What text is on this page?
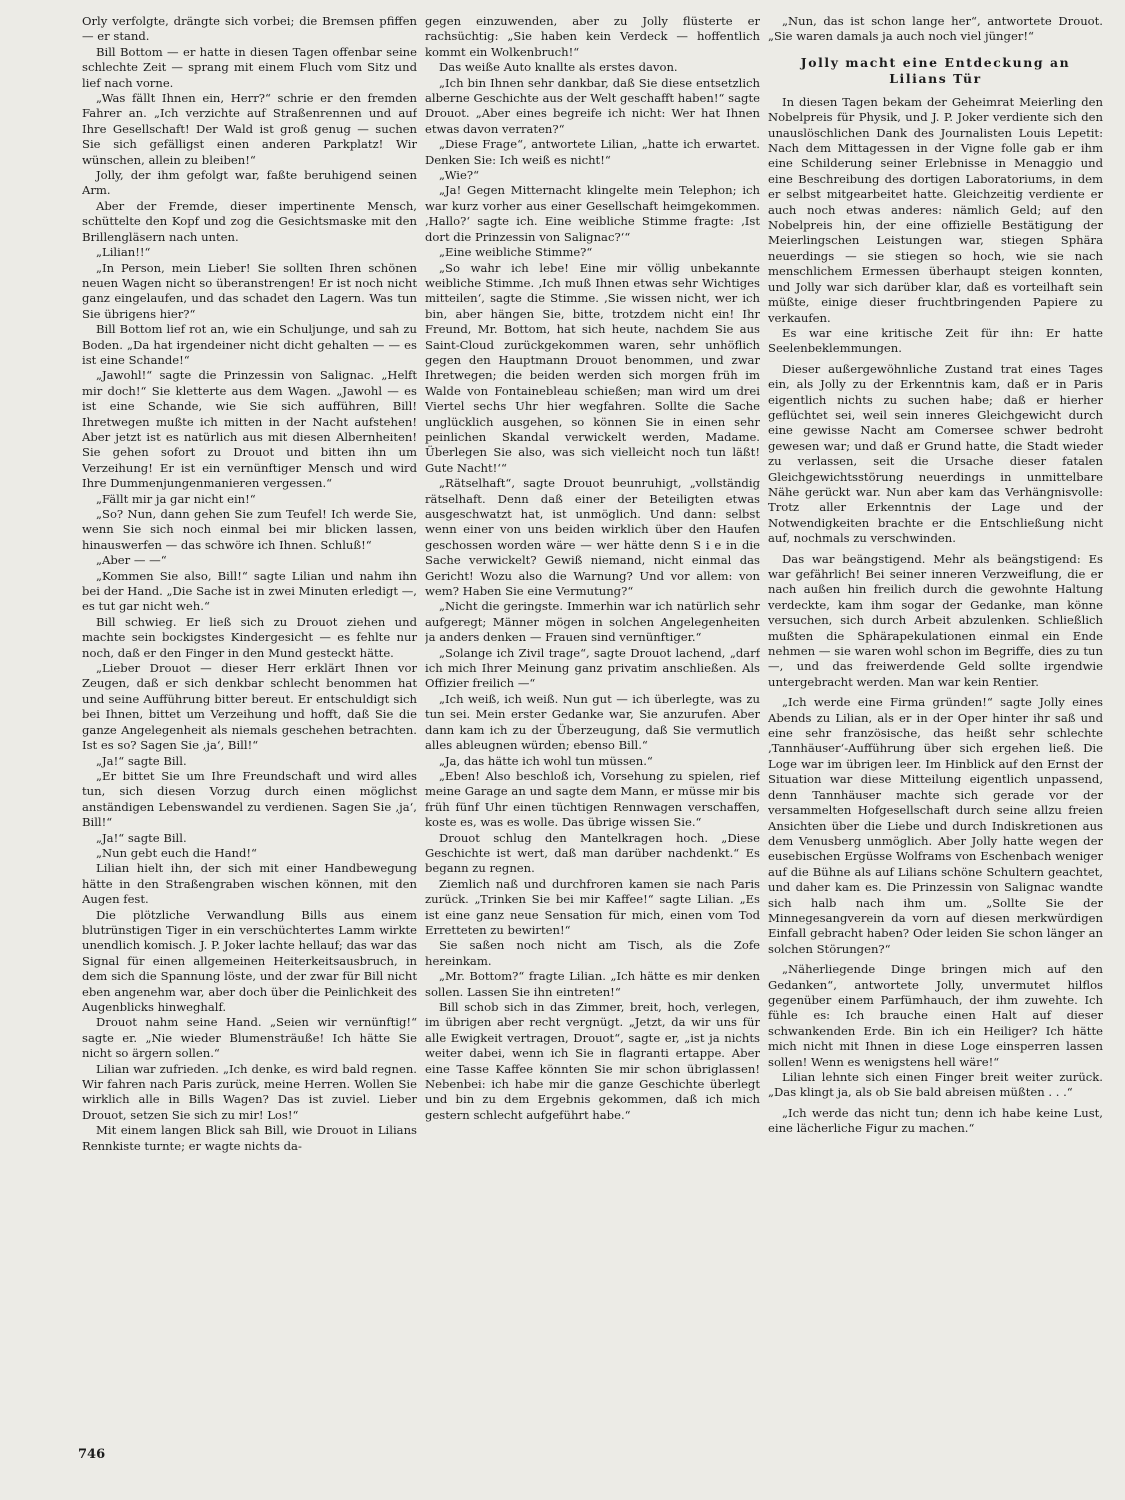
Orly verfolgte, drängte sich vorbei; die Bremsen pfiffen — er stand.

Bill Bottom — er hatte in diesen Tagen offenbar seine schlechte Zeit — sprang mit einem Fluch vom Sitz und lief nach vorne.

„Was fällt Ihnen ein, Herr?“ schrie er den fremden Fahrer an. „Ich verzichte auf Straßenrennen und auf Ihre Gesellschaft! Der Wald ist groß genug — suchen Sie sich gefälligst einen anderen Parkplatz! Wir wünschen, allein zu bleiben!“

Jolly, der ihm gefolgt war, faßte beruhigend seinen Arm.

Aber der Fremde, dieser impertinente Mensch, schüttelte den Kopf und zog die Gesichtsmaske mit den Brillengläsern nach unten.

„Lilian!!“

„In Person, mein Lieber! Sie sollten Ihren schönen neuen Wagen nicht so überanstrengen! Er ist noch nicht ganz eingelaufen, und das schadet den Lagern. Was tun Sie übrigens hier?“

Bill Bottom lief rot an, wie ein Schuljunge, und sah zu Boden. „Da hat irgendeiner nicht dicht gehalten — — es ist eine Schande!“

„Jawohl!“ sagte die Prinzessin von Salignac. „Helft mir doch!“ Sie kletterte aus dem Wagen. „Jawohl — es ist eine Schande, wie Sie sich aufführen, Bill! Ihretwegen mußte ich mitten in der Nacht aufstehen! Aber jetzt ist es natürlich aus mit diesen Albernheiten! Sie gehen sofort zu Drouot und bitten ihn um Verzeihung! Er ist ein vernünftiger Mensch und wird Ihre Dummenjungenmanieren vergessen.“

„Fällt mir ja gar nicht ein!“

„So? Nun, dann gehen Sie zum Teufel! Ich werde Sie, wenn Sie sich noch einmal bei mir blicken lassen, hinauswerfen — das schwöre ich Ihnen. Schluß!“

„Aber — —“

„Kommen Sie also, Bill!“ sagte Lilian und nahm ihn bei der Hand. „Die Sache ist in zwei Minuten erledigt —, es tut gar nicht weh.“

Bill schwieg. Er ließ sich zu Drouot ziehen und machte sein bockigstes Kindergesicht — es fehlte nur noch, daß er den Finger in den Mund gesteckt hätte.

„Lieber Drouot — dieser Herr erklärt Ihnen vor Zeugen, daß er sich denkbar schlecht benommen hat und seine Aufführung bitter bereut. Er entschuldigt sich bei Ihnen, bittet um Verzeihung und hofft, daß Sie die ganze Angelegenheit als niemals geschehen betrachten. Ist es so? Sagen Sie ‚ja‘, Bill!“

„Ja!“ sagte Bill.

„Er bittet Sie um Ihre Freundschaft und wird alles tun, sich diesen Vorzug durch einen möglichst anständigen Lebenswandel zu verdienen. Sagen Sie ‚ja‘, Bill!“

„Ja!“ sagte Bill.

„Nun gebt euch die Hand!“

Lilian hielt ihn, der sich mit einer Handbewegung hätte in den Straßengraben wischen können, mit den Augen fest.

Die plötzliche Verwandlung Bills aus einem blutrünstigen Tiger in ein verschüchtertes Lamm wirkte unendlich komisch. J. P. Joker lachte hellauf; das war das Signal für einen allgemeinen Heiterkeitsausbruch, in dem sich die Spannung löste, und der zwar für Bill nicht eben angenehm war, aber doch über die Peinlichkeit des Augenblicks hinweghalf.

Drouot nahm seine Hand. „Seien wir vernünftig!“ sagte er. „Nie wieder Blumensträuße! Ich hätte Sie nicht so ärgern sollen.“

Lilian war zufrieden. „Ich denke, es wird bald regnen. Wir fahren nach Paris zurück, meine Herren. Wollen Sie wirklich alle in Bills Wagen? Das ist zuviel. Lieber Drouot, setzen Sie sich zu mir! Los!“

Mit einem langen Blick sah Bill, wie Drouot in Lilians Rennkiste turnte; er wagte nichts da-

gegen einzuwenden, aber zu Jolly flüsterte er rachsüchtig: „Sie haben kein Verdeck — hoffentlich kommt ein Wolkenbruch!“

Das weiße Auto knallte als erstes davon.

„Ich bin Ihnen sehr dankbar, daß Sie diese entsetzlich alberne Geschichte aus der Welt geschafft haben!“ sagte Drouot. „Aber eines begreife ich nicht: Wer hat Ihnen etwas davon verraten?“

„Diese Frage“, antwortete Lilian, „hatte ich erwartet. Denken Sie: Ich weiß es nicht!“

„Wie?“

„Ja! Gegen Mitternacht klingelte mein Telephon; ich war kurz vorher aus einer Gesellschaft heimgekommen. ‚Hallo?‘ sagte ich. Eine weibliche Stimme fragte: ‚Ist dort die Prinzessin von Salignac?‘“

„Eine weibliche Stimme?“

„So wahr ich lebe! Eine mir völlig unbekannte weibliche Stimme. ‚Ich muß Ihnen etwas sehr Wichtiges mitteilen‘, sagte die Stimme. ‚Sie wissen nicht, wer ich bin, aber hängen Sie, bitte, trotzdem nicht ein! Ihr Freund, Mr. Bottom, hat sich heute, nachdem Sie aus Saint-Cloud zurückgekommen waren, sehr unhöflich gegen den Hauptmann Drouot benommen, und zwar Ihretwegen; die beiden werden sich morgen früh im Walde von Fontainebleau schießen; man wird um drei Viertel sechs Uhr hier wegfahren. Sollte die Sache unglücklich ausgehen, so können Sie in einen sehr peinlichen Skandal verwickelt werden, Madame. Überlegen Sie also, was sich vielleicht noch tun läßt! Gute Nacht!‘“

„Rätselhaft“, sagte Drouot beunruhigt, „vollständig rätselhaft. Denn daß einer der Beteiligten etwas ausgeschwatzt hat, ist unmöglich. Und dann: selbst wenn einer von uns beiden wirklich über den Haufen geschossen worden wäre — wer hätte denn S i e in die Sache verwickelt? Gewiß niemand, nicht einmal das Gericht! Wozu also die Warnung? Und vor allem: von wem? Haben Sie eine Vermutung?“

„Nicht die geringste. Immerhin war ich natürlich sehr aufgeregt; Männer mögen in solchen Angelegenheiten ja anders denken — Frauen sind vernünftiger.“

„Solange ich Zivil trage“, sagte Drouot lachend, „darf ich mich Ihrer Meinung ganz privatim anschließen. Als Offizier freilich —“

„Ich weiß, ich weiß. Nun gut — ich überlegte, was zu tun sei. Mein erster Gedanke war, Sie anzurufen. Aber dann kam ich zu der Überzeugung, daß Sie vermutlich alles ableugnen würden; ebenso Bill.“

„Ja, das hätte ich wohl tun müssen.“

„Eben! Also beschloß ich, Vorsehung zu spielen, rief meine Garage an und sagte dem Mann, er müsse mir bis früh fünf Uhr einen tüchtigen Rennwagen verschaffen, koste es, was es wolle. Das übrige wissen Sie.“

Drouot schlug den Mantelkragen hoch. „Diese Geschichte ist wert, daß man darüber nachdenkt.“ Es begann zu regnen.

Ziemlich naß und durchfroren kamen sie nach Paris zurück. „Trinken Sie bei mir Kaffee!“ sagte Lilian. „Es ist eine ganz neue Sensation für mich, einen vom Tod Erretteten zu bewirten!“

Sie saßen noch nicht am Tisch, als die Zofe hereinkam.

„Mr. Bottom?“ fragte Lilian. „Ich hätte es mir denken sollen. Lassen Sie ihn eintreten!“

Bill schob sich in das Zimmer, breit, hoch, verlegen, im übrigen aber recht vergnügt. „Jetzt, da wir uns für alle Ewigkeit vertragen, Drouot“, sagte er, „ist ja nichts weiter dabei, wenn ich Sie in flagranti ertappe. Aber eine Tasse Kaffee könnten Sie mir schon übriglassen! Nebenbei: ich habe mir die ganze Geschichte überlegt und bin zu dem Ergebnis gekommen, daß ich mich gestern schlecht aufgeführt habe.“

„Nun, das ist schon lange her“, antwortete Drouot. „Sie waren damals ja auch noch viel jünger!“

Jolly macht eine Entdeckung an
Lilians Tür

In diesen Tagen bekam der Geheimrat Meierling den Nobelpreis für Physik, und J. P. Joker verdiente sich den unauslöschlichen Dank des Journalisten Louis Lepetit: Nach dem Mittagessen in der Vigne folle gab er ihm eine Schilderung seiner Erlebnisse in Menaggio und eine Beschreibung des dortigen Laboratoriums, in dem er selbst mitgearbeitet hatte. Gleichzeitig verdiente er auch noch etwas anderes: nämlich Geld; auf den Nobelpreis hin, der eine offizielle Bestätigung der Meierlingschen Leistungen war, stiegen Sphära neuerdings — sie stiegen so hoch, wie sie nach menschlichem Ermessen überhaupt steigen konnten, und Jolly war sich darüber klar, daß es vorteilhaft sein müßte, einige dieser fruchtbringenden Papiere zu verkaufen.

Es war eine kritische Zeit für ihn: Er hatte Seelenbeklemmungen.

Dieser außergewöhnliche Zustand trat eines Tages ein, als Jolly zu der Erkenntnis kam, daß er in Paris eigentlich nichts zu suchen habe; daß er hierher geflüchtet sei, weil sein inneres Gleichgewicht durch eine gewisse Nacht am Comersee schwer bedroht gewesen war; und daß er Grund hatte, die Stadt wieder zu verlassen, seit die Ursache dieser fatalen Gleichgewichtsstörung neuerdings in unmittelbare Nähe gerückt war. Nun aber kam das Verhängnisvolle: Trotz aller Erkenntnis der Lage und der Notwendigkeiten brachte er die Entschließung nicht auf, nochmals zu verschwinden.

Das war beängstigend. Mehr als beängstigend: Es war gefährlich! Bei seiner inneren Verzweiflung, die er nach außen hin freilich durch die gewohnte Haltung verdeckte, kam ihm sogar der Gedanke, man könne versuchen, sich durch Arbeit abzulenken. Schließlich mußten die Sphärapekulationen einmal ein Ende nehmen — sie waren wohl schon im Begriffe, dies zu tun —, und das freiwerdende Geld sollte irgendwie untergebracht werden. Man war kein Rentier.

„Ich werde eine Firma gründen!“ sagte Jolly eines Abends zu Lilian, als er in der Oper hinter ihr saß und eine sehr französische, das heißt sehr schlechte ‚Tannhäuser‘-Aufführung über sich ergehen ließ. Die Loge war im übrigen leer. Im Hinblick auf den Ernst der Situation war diese Mitteilung eigentlich unpassend, denn Tannhäuser machte sich gerade vor der versammelten Hofgesellschaft durch seine allzu freien Ansichten über die Liebe und durch Indiskretionen aus dem Venusberg unmöglich. Aber Jolly hatte wegen der eusebischen Ergüsse Wolframs von Eschenbach weniger auf die Bühne als auf Lilians schöne Schultern geachtet, und daher kam es. Die Prinzessin von Salignac wandte sich halb nach ihm um. „Sollte Sie der Minnegesangverein da vorn auf diesen merkwürdigen Einfall gebracht haben? Oder leiden Sie schon länger an solchen Störungen?“

„Näherliegende Dinge bringen mich auf den Gedanken“, antwortete Jolly, unvermutet hilflos gegenüber einem Parfümhauch, der ihm zuwehte. Ich fühle es: Ich brauche einen Halt auf dieser schwankenden Erde. Bin ich ein Heiliger? Ich hätte mich nicht mit Ihnen in diese Loge einsperren lassen sollen! Wenn es wenigstens hell wäre!“

Lilian lehnte sich einen Finger breit weiter zurück. „Das klingt ja, als ob Sie bald abreisen müßten . . .“

„Ich werde das nicht tun; denn ich habe keine Lust, eine lächerliche Figur zu machen.“

746
